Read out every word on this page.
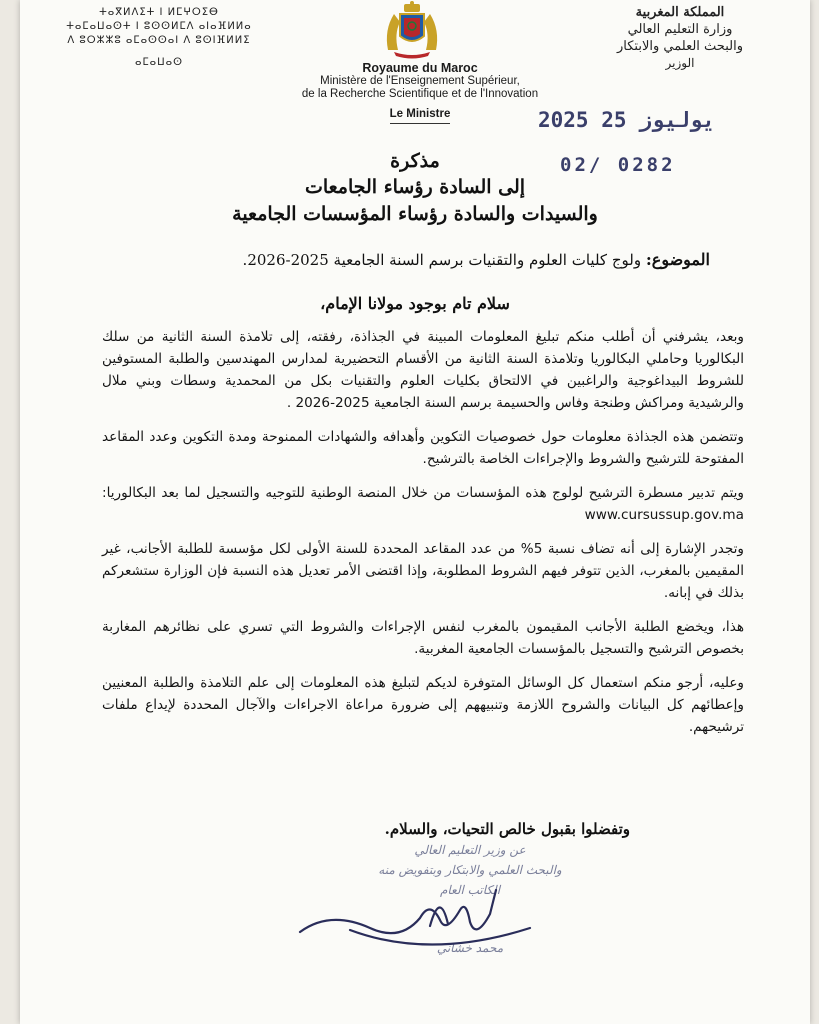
المملكة المغربية
وزارة التعليم العالي
والبحث العلمي والابتكار
الوزير
ⵜⴰⴳⵍⴷⵉⵜ ⵏ ⵍⵎⵖⵔⵉⴱ
ⵜⴰⵎⴰⵡⴰⵙⵜ ⵏ ⵓⵙⵙⵍⵎⴷ ⴰⵏⴰⴼⵍⵍⴰ
ⴷ ⵓⵔⵣⵣⵓ ⴰⵎⴰⵙⵙⴰⵏ ⴷ ⵓⵙⵏⴼⵍⵍⵉ
ⴰⵎⴰⵡⴰⵙ	Royaume du Maroc
Ministère de l'Enseignement Supérieur,
de la Recherche Scientifique et de l'Innovation
Le Ministre	2025 يوليوز 25
02/ 0282
مذكرة
إلى السادة رؤساء الجامعات
والسيدات والسادة رؤساء المؤسسات الجامعية
الموضوع: ولوج كليات العلوم والتقنيات برسم السنة الجامعية 2025-2026.
سلام تام بوجود مولانا الإمام،

وبعد، يشرفني أن أطلب منكم تبليغ المعلومات المبينة في الجذاذة، رفقته، إلى تلامذة السنة الثانية من سلك البكالوريا وحاملي البكالوريا وتلامذة السنة الثانية من الأقسام التحضيرية لمدارس المهندسين والطلبة المستوفين للشروط البيداغوجية والراغبين في الالتحاق بكليات العلوم والتقنيات بكل من المحمدية وسطات وبني ملال والرشيدية ومراكش وطنجة وفاس والحسيمة برسم السنة الجامعية 2025-2026 .

وتتضمن هذه الجذاذة معلومات حول خصوصيات التكوين وأهدافه والشهادات الممنوحة ومدة التكوين وعدد المقاعد المفتوحة للترشيح والشروط والإجراءات الخاصة بالترشيح.

ويتم تدبير مسطرة الترشيح لولوج هذه المؤسسات من خلال المنصة الوطنية للتوجيه والتسجيل لما بعد البكالوريا: www.cursussup.gov.ma

وتجدر الإشارة إلى أنه تضاف نسبة 5% من عدد المقاعد المحددة للسنة الأولى لكل مؤسسة للطلبة الأجانب، غير المقيمين بالمغرب، الذين تتوفر فيهم الشروط المطلوبة، وإذا اقتضى الأمر تعديل هذه النسبة فإن الوزارة ستشعركم بذلك في إبانه.

هذا، ويخضع الطلبة الأجانب المقيمون بالمغرب لنفس الإجراءات والشروط التي تسري على نظائرهم المغاربة بخصوص الترشيح والتسجيل بالمؤسسات الجامعية المغربية.

وعليه، أرجو منكم استعمال كل الوسائل المتوفرة لديكم لتبليغ هذه المعلومات إلى علم التلامذة والطلبة المعنيين وإعطائهم كل البيانات والشروح اللازمة وتنبيههم إلى ضرورة مراعاة الاجراءات والآجال المحددة لإيداع ملفات ترشيحهم.

وتفضلوا بقبول خالص التحيات، والسلام.
عن وزير التعليم العالي
والبحث العلمي والابتكار وبتفويض منه
الكاتب العام
محمد خشاني
